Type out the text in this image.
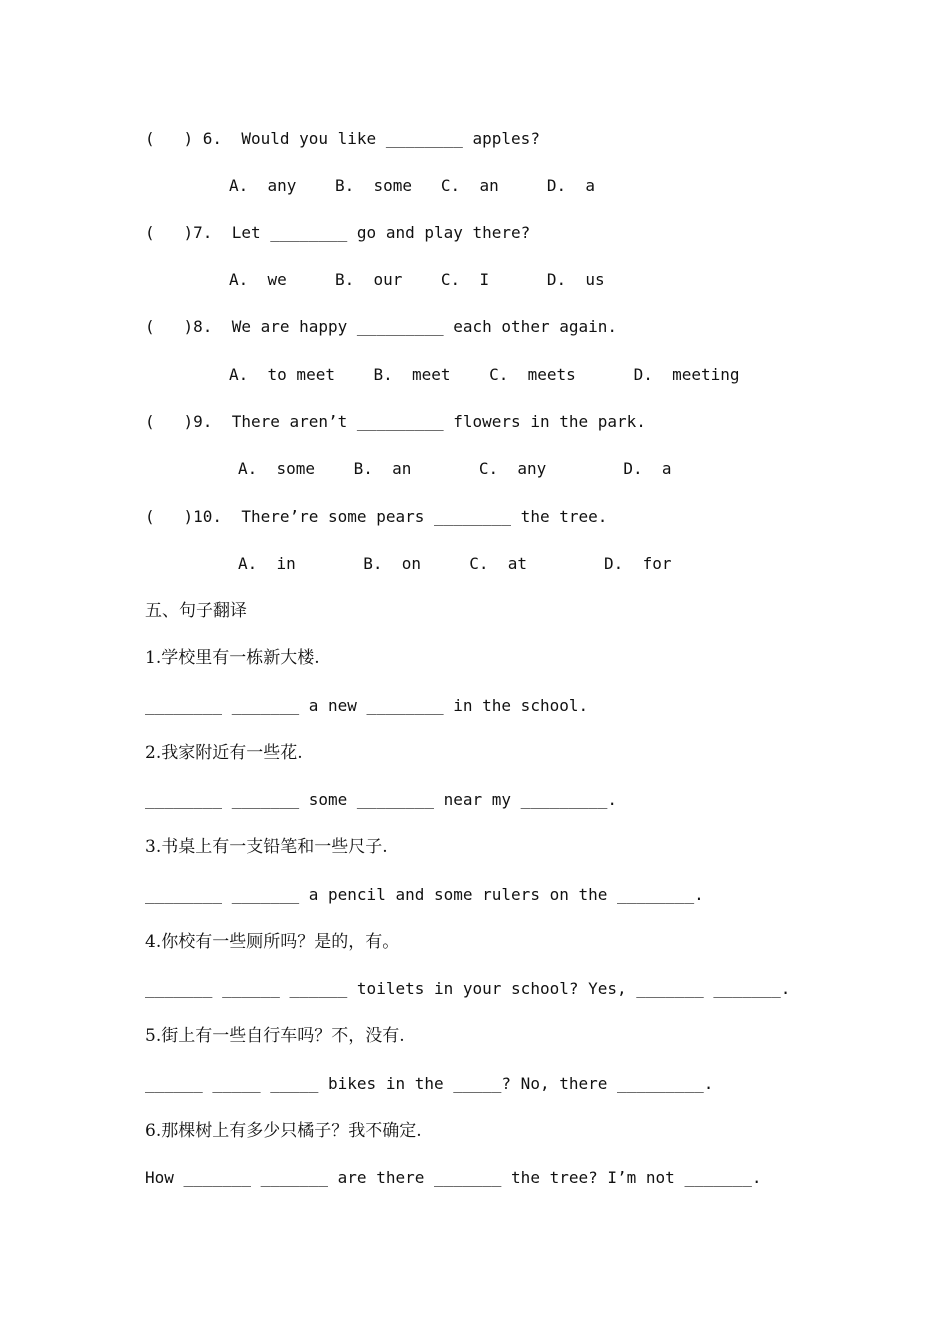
(   ) 6.  Would you like ________ apples?
A.  any    B.  some   C.  an     D.  a
(   )7.  Let ________ go and play there?
A.  we     B.  our    C.  I      D.  us
(   )8.  We are happy _________ each other again.
A.  to meet    B.  meet    C.  meets      D.  meeting
(   )9.  There aren’t _________ flowers in the park.
A.  some    B.  an       C.  any        D.  a
(   )10.  There’re some pears ________ the tree.
A.  in       B.  on     C.  at        D.  for
五、句子翻译
1.学校里有一栋新大楼.
________ _______ a new ________ in the school.
2.我家附近有一些花.
________ _______ some ________ near my _________.
3.书桌上有一支铅笔和一些尺子.
________ _______ a pencil and some rulers on the ________.
4.你校有一些厕所吗？是的，有。
_______ ______ ______ toilets in your school? Yes, _______ _______.
5.街上有一些自行车吗？不，没有.
______ _____ _____ bikes in the _____? No, there _________.
6.那棵树上有多少只橘子？我不确定.
How _______ _______ are there _______ the tree? I’m not _______.
